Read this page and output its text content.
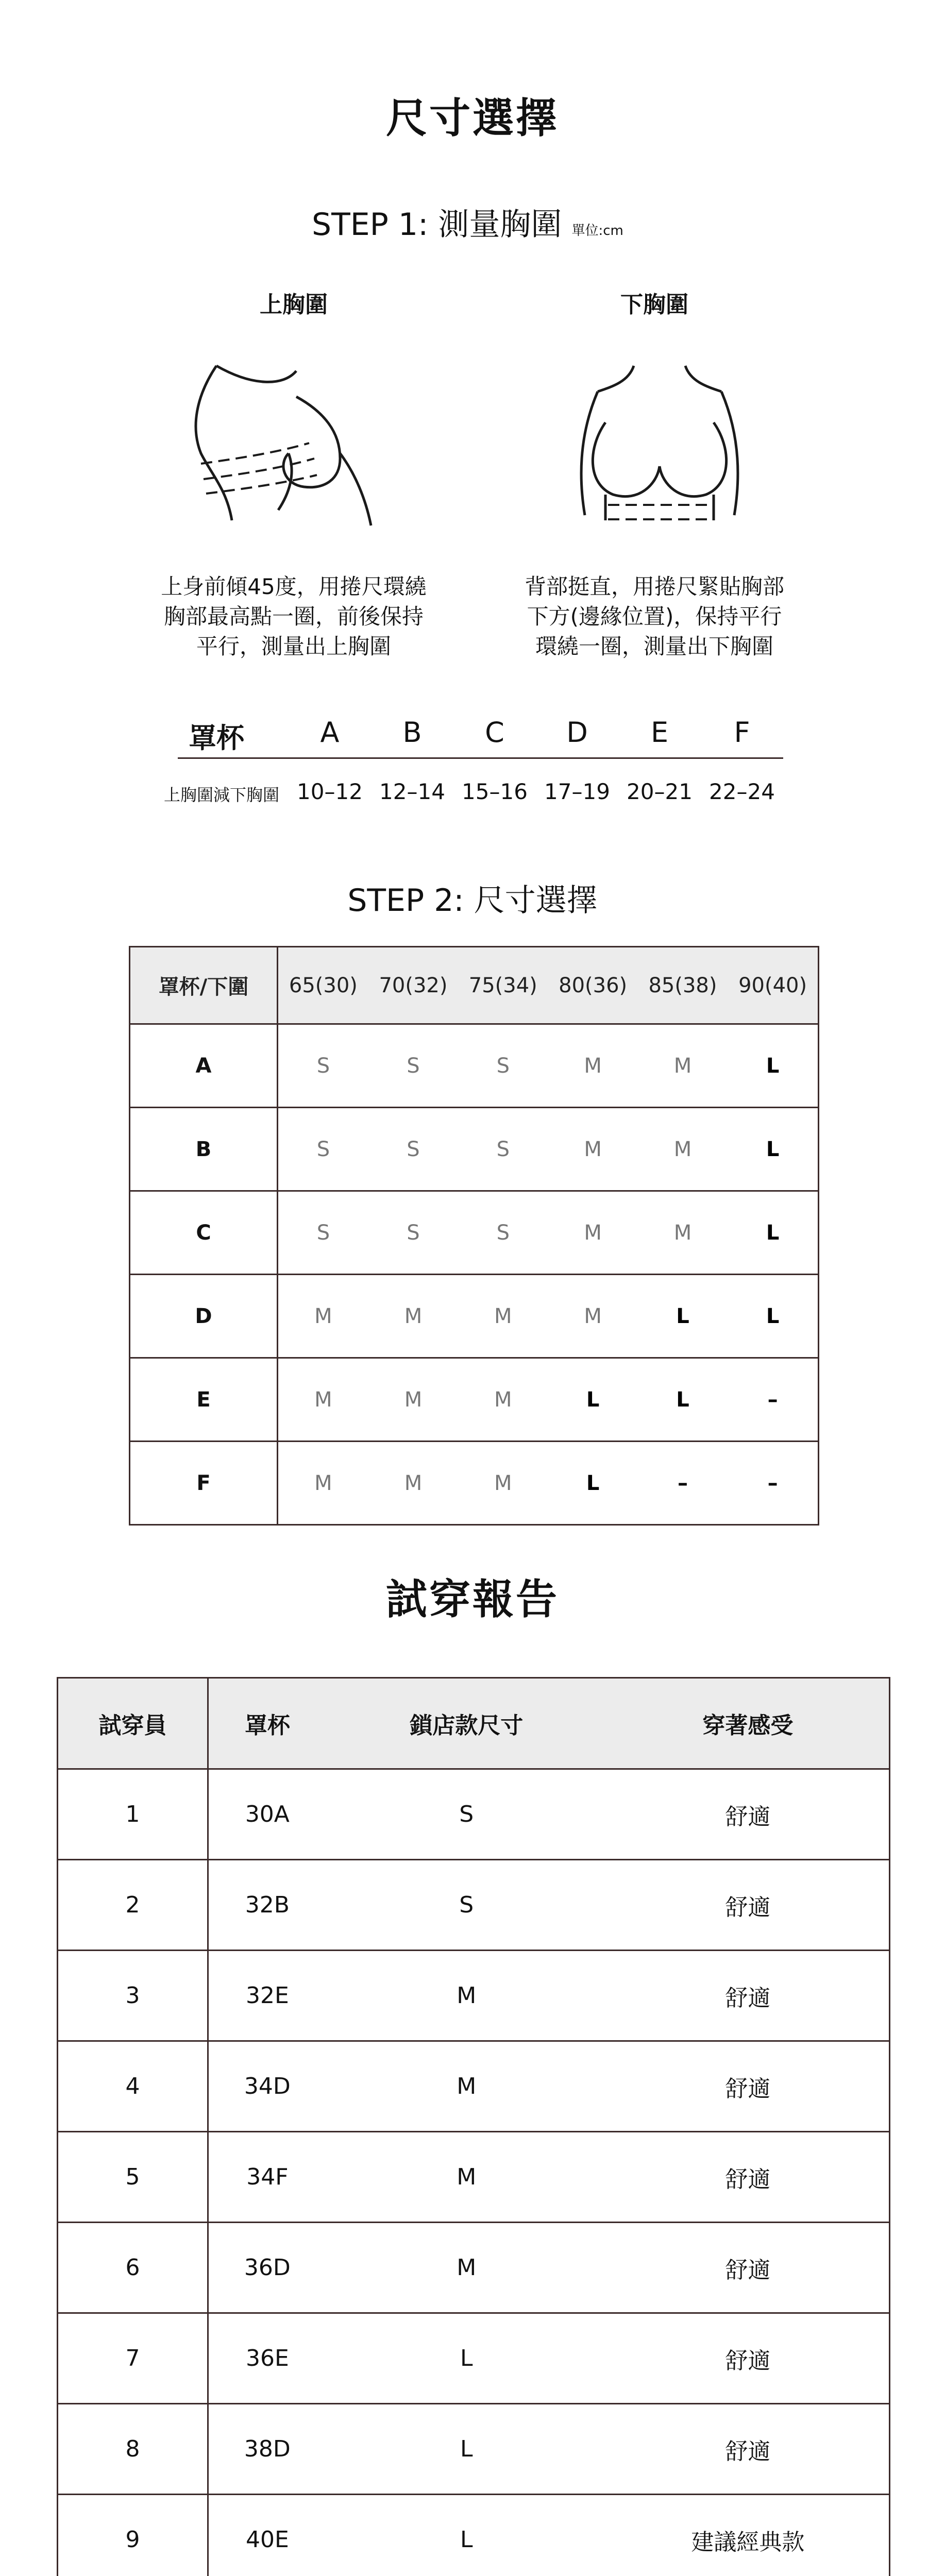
尺寸選擇
STEP 1: 測量胸圍 單位:cm
上胸圍	下胸圍
上身前傾45度，用捲尺環繞
胸部最高點一圈，前後保持
平行，測量出上胸圍
背部挺直，用捲尺緊貼胸部
下方(邊緣位置)，保持平行
環繞一圈，測量出下胸圍
罩杯	A	B	C	D	E	F
上胸圍減下胸圍 10–12 12–14 15–16 17–19 20–21 22–24
STEP 2: 尺寸選擇
罩杯/下圍	65(30)	70(32)	75(34)	80(36)	85(38)	90(40)
A	S	S	S	M	M	L
B	S	S	S	M	M	L
C	S	S	S	M	M	L
D	M	M	M	M	L	L
E	M	M	M	L	L	–
F	M	M	M	L	–	–
試穿報告
試穿員	罩杯	鎖店款尺寸	穿著感受
1	30A	S	舒適
2	32B	S	舒適
3	32E	M	舒適
4	34D	M	舒適
5	34F	M	舒適
6	36D	M	舒適
7	36E	L	舒適
8	38D	L	舒適
9	40E	L	建議經典款
